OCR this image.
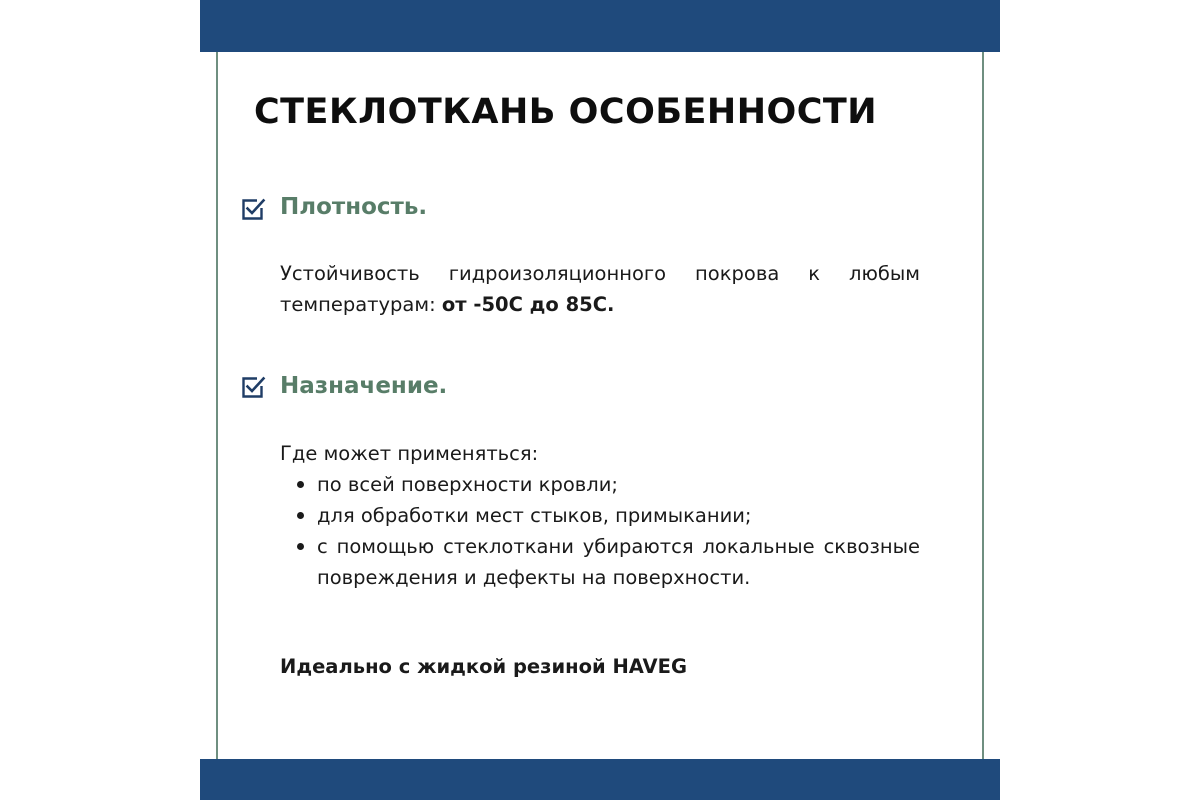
СТЕКЛОТКАНЬ ОСОБЕННОСТИ
Плотность.

Устойчивость гидроизоляционного покрова к любым температурам: от -50С до 85С.

Назначение.

Где может применяться:

по всей поверхности кровли;
для обработки мест стыков, примыкании;
с помощью стеклоткани убираются локальные сквозные повреждения и дефекты на поверхности.

Идеально с жидкой резиной HAVEG
